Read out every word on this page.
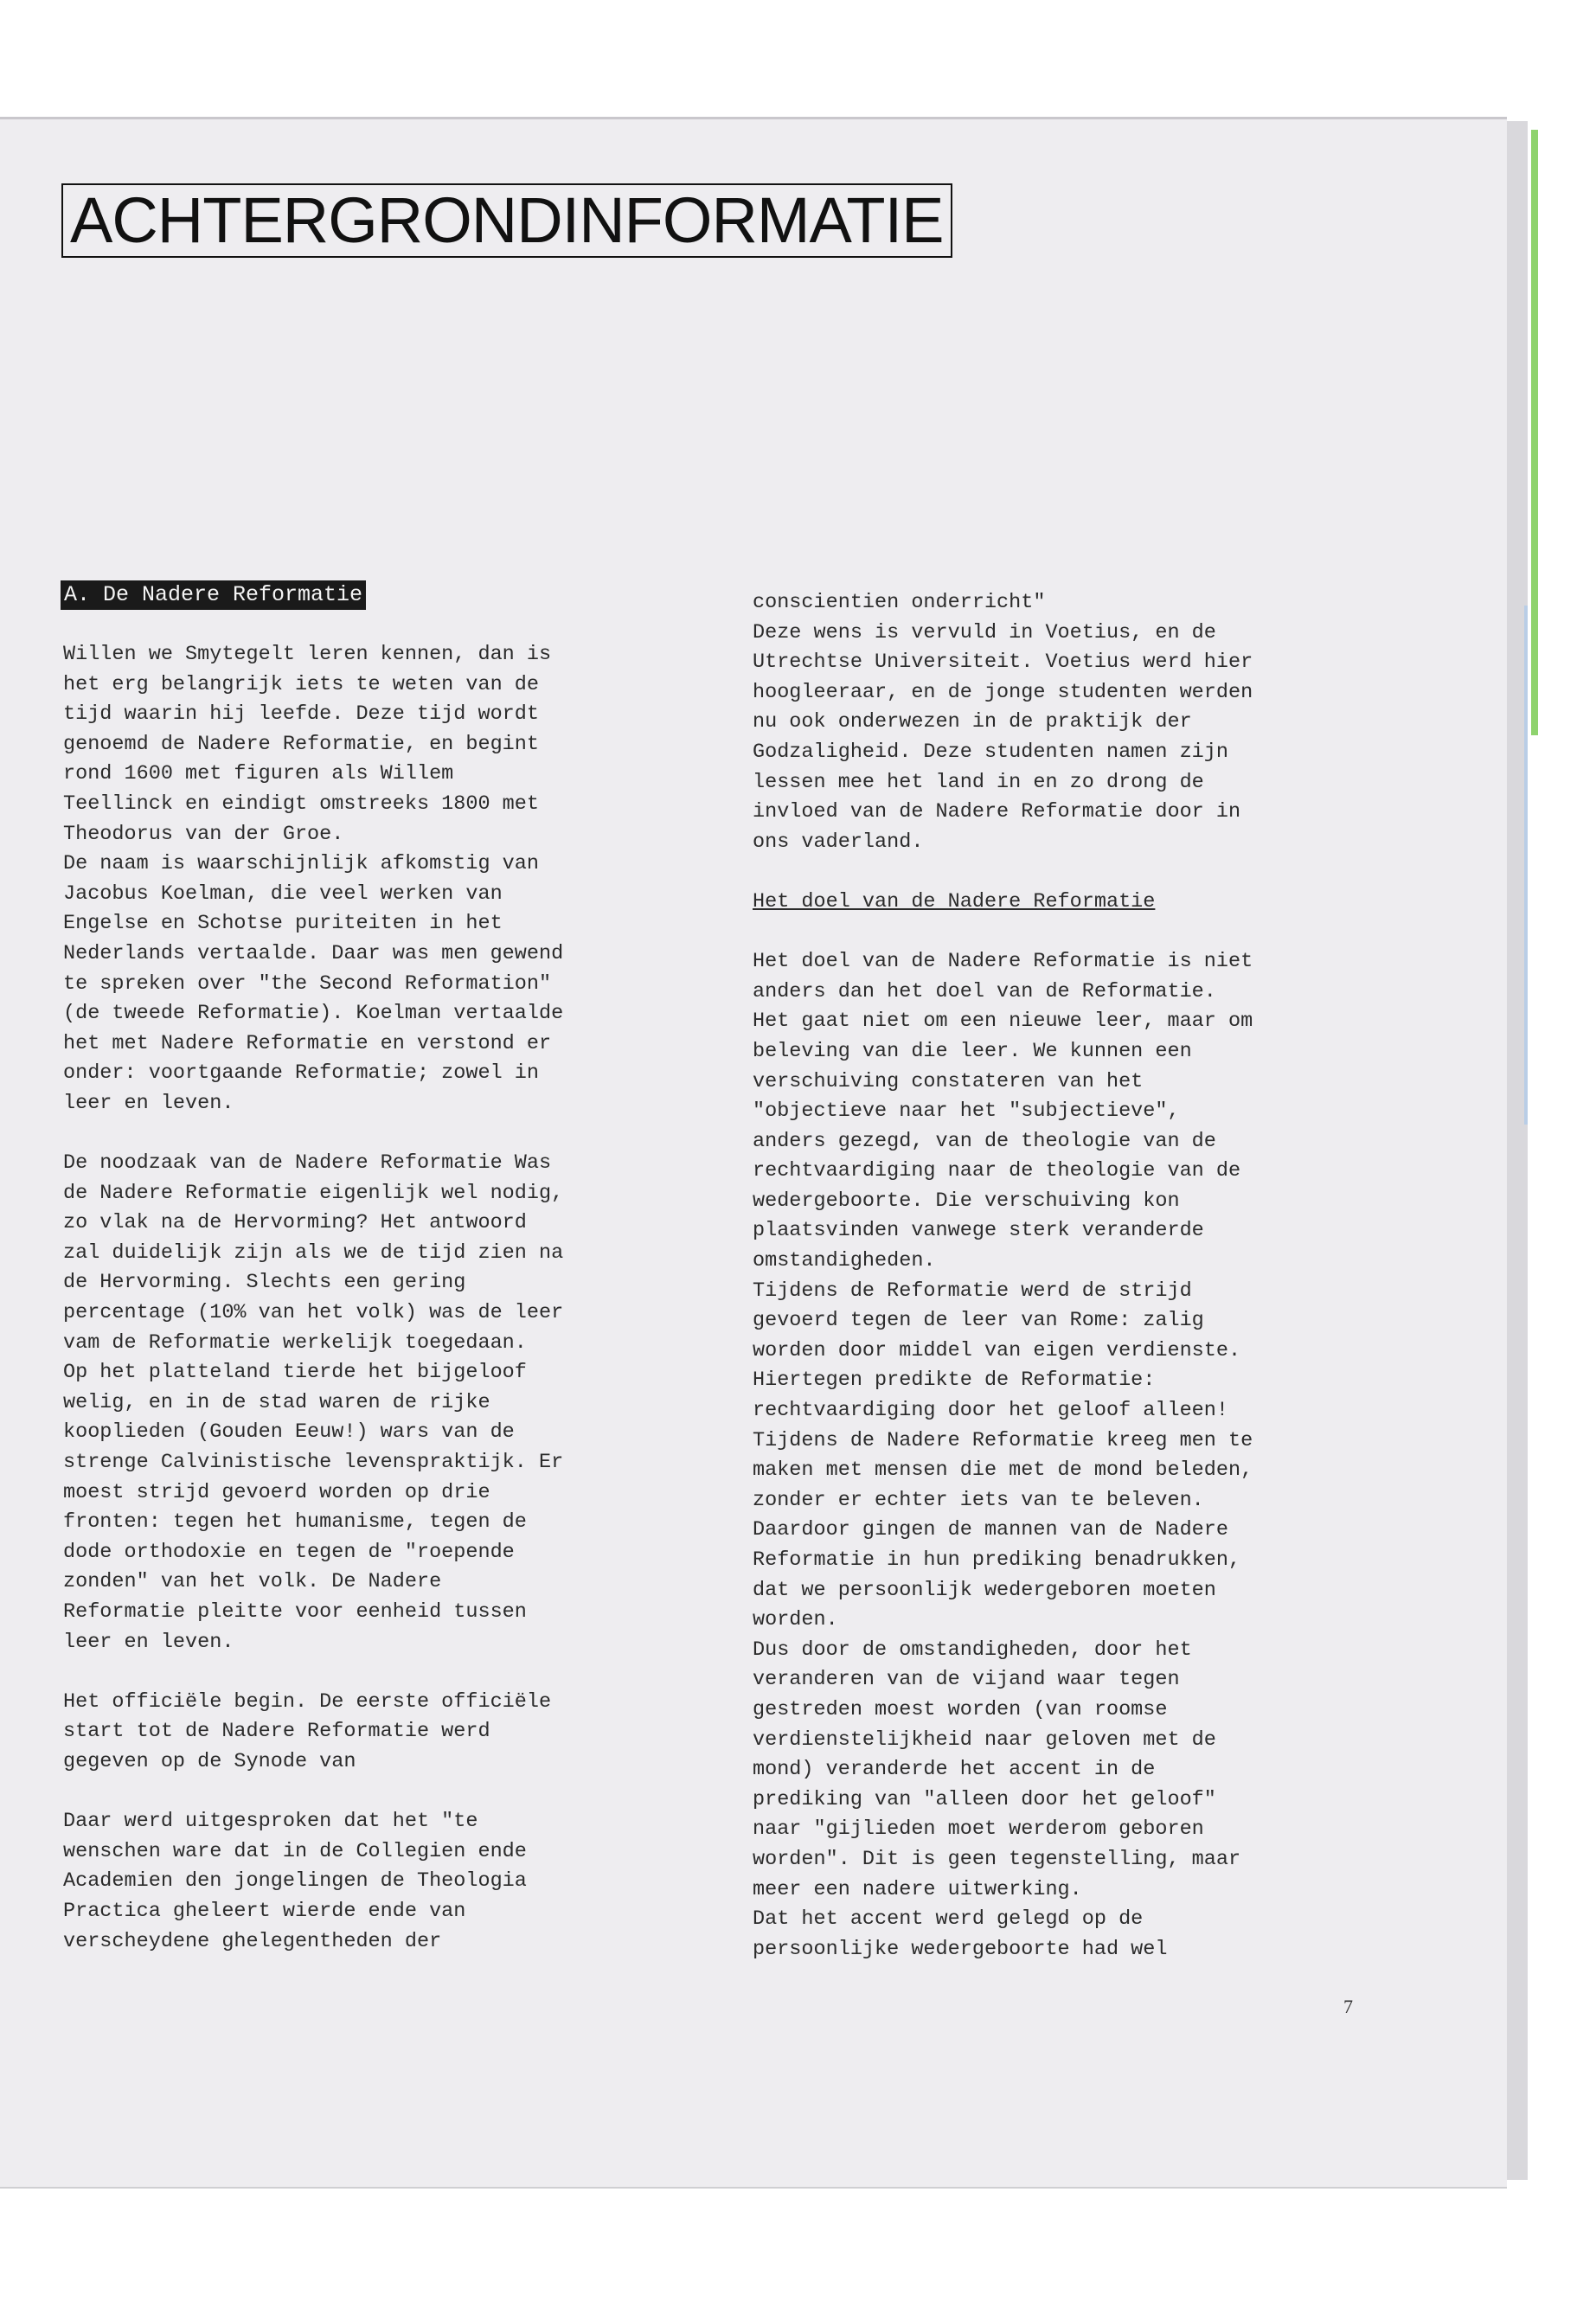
ACHTERGRONDINFORMATIE
A. De Nadere Reformatie
Willen we Smytegelt leren kennen, dan is
het erg belangrijk iets te weten van de
tijd waarin hij leefde. Deze tijd wordt
genoemd de Nadere Reformatie, en begint
rond 1600 met figuren als Willem
Teellinck en eindigt omstreeks 1800 met
Theodorus van der Groe.
De naam is waarschijnlijk afkomstig van
Jacobus Koelman, die veel werken van
Engelse en Schotse puriteiten in het
Nederlands vertaalde. Daar was men gewend
te spreken over "the Second Reformation"
(de tweede Reformatie). Koelman vertaalde
het met Nadere Reformatie en verstond er
onder: voortgaande Reformatie; zowel in
leer en leven.
De noodzaak van de Nadere Reformatie Was
de Nadere Reformatie eigenlijk wel nodig,
zo vlak na de Hervorming? Het antwoord
zal duidelijk zijn als we de tijd zien na
de Hervorming. Slechts een gering
percentage (10% van het volk) was de leer
vam de Reformatie werkelijk toegedaan.
Op het platteland tierde het bijgeloof
welig, en in de stad waren de rijke
kooplieden (Gouden Eeuw!) wars van de
strenge Calvinistische levenspraktijk. Er
moest strijd gevoerd worden op drie
fronten: tegen het humanisme, tegen de
dode orthodoxie en tegen de "roepende
zonden" van het volk. De Nadere
Reformatie pleitte voor eenheid tussen
leer en leven.
Het officiële begin. De eerste officiële
start tot de Nadere Reformatie werd
gegeven op de Synode van
Daar werd uitgesproken dat het "te
wenschen ware dat in de Collegien ende
Academien den jongelingen de Theologia
Practica gheleert wierde ende van
verscheydene ghelegentheden der
conscientien onderricht"
Deze wens is vervuld in Voetius, en de
Utrechtse Universiteit. Voetius werd hier
hoogleeraar, en de jonge studenten werden
nu ook onderwezen in de praktijk der
Godzaligheid. Deze studenten namen zijn
lessen mee het land in en zo drong de
invloed van de Nadere Reformatie door in
ons vaderland.
Het doel van de Nadere Reformatie
Het doel van de Nadere Reformatie is niet
anders dan het doel van de Reformatie.
Het gaat niet om een nieuwe leer, maar om
beleving van die leer. We kunnen een
verschuiving constateren van het
"objectieve naar het "subjectieve",
anders gezegd, van de theologie van de
rechtvaardiging naar de theologie van de
wedergeboorte. Die verschuiving kon
plaatsvinden vanwege sterk veranderde
omstandigheden.
Tijdens de Reformatie werd de strijd
gevoerd tegen de leer van Rome: zalig
worden door middel van eigen verdienste.
Hiertegen predikte de Reformatie:
rechtvaardiging door het geloof alleen!
Tijdens de Nadere Reformatie kreeg men te
maken met mensen die met de mond beleden,
zonder er echter iets van te beleven.
Daardoor gingen de mannen van de Nadere
Reformatie in hun prediking benadrukken,
dat we persoonlijk wedergeboren moeten
worden.
Dus door de omstandigheden, door het
veranderen van de vijand waar tegen
gestreden moest worden (van roomse
verdienstelijkheid naar geloven met de
mond) veranderde het accent in de
prediking van "alleen door het geloof"
naar "gijlieden moet werderom geboren
worden". Dit is geen tegenstelling, maar
meer een nadere uitwerking.
Dat het accent werd gelegd op de
persoonlijke wedergeboorte had wel
7
